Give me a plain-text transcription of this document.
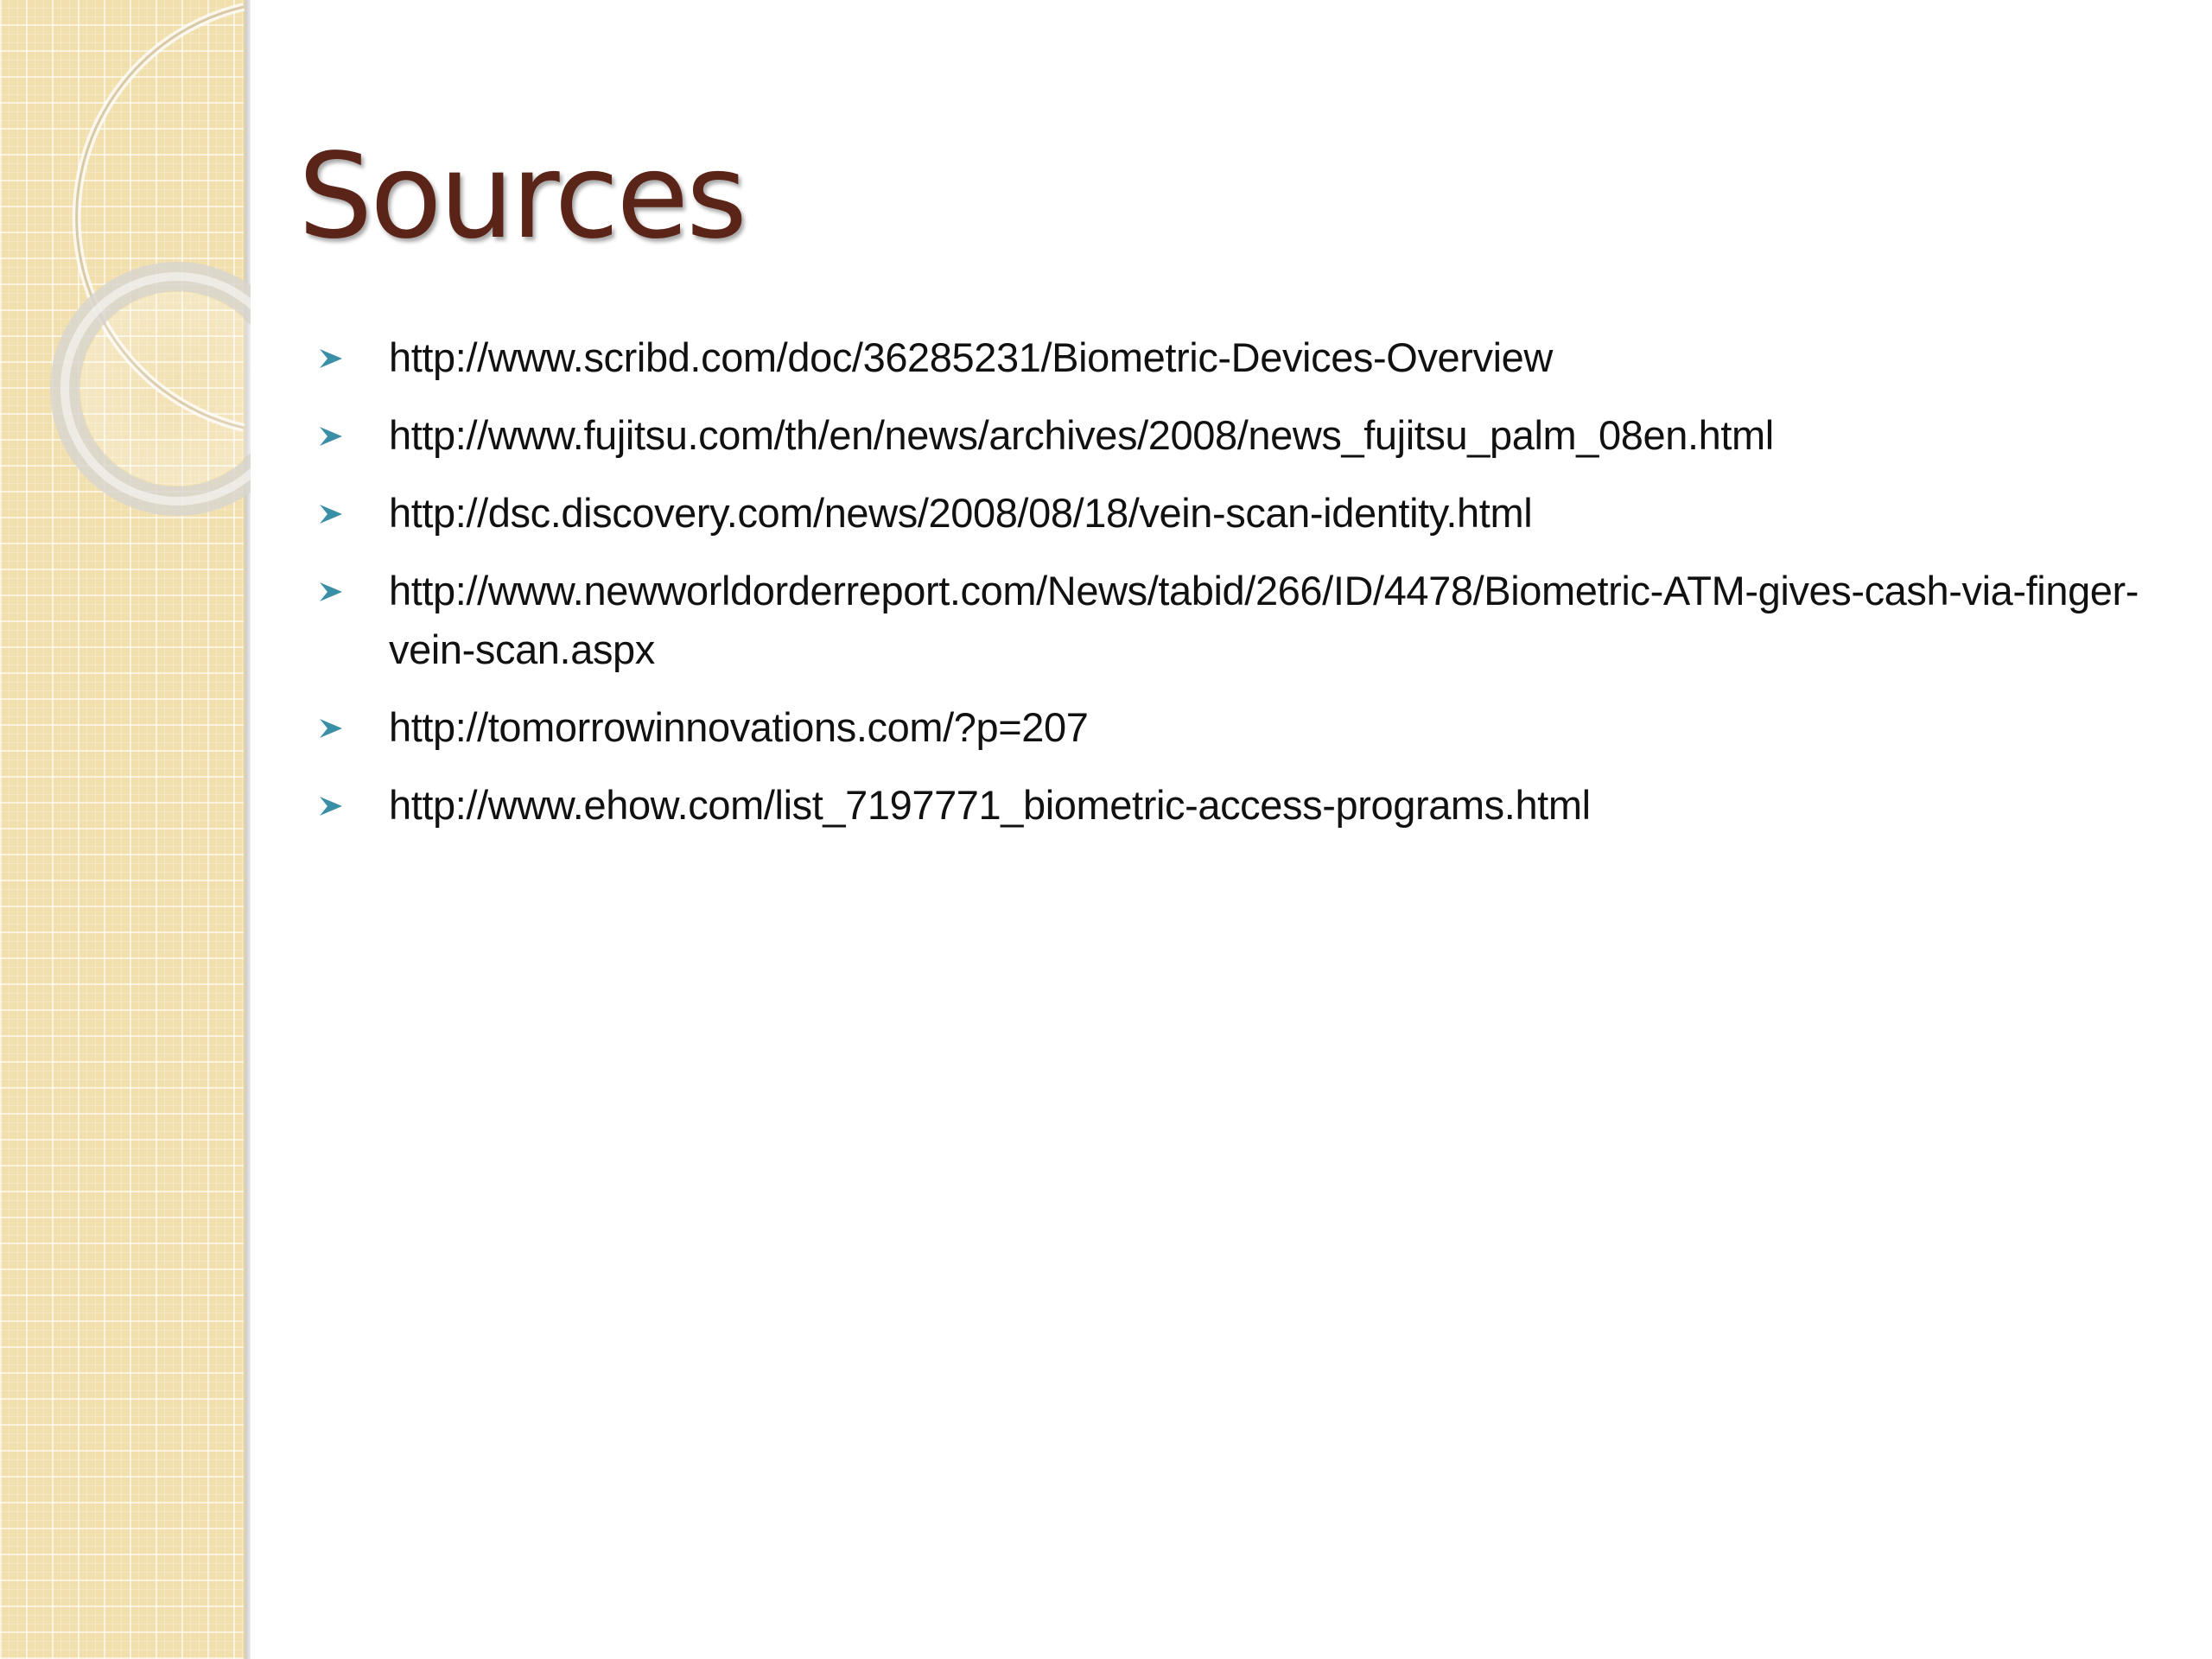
Sources
http://www.scribd.com/doc/36285231/Biometric-Devices-Overview
http://www.fujitsu.com/th/en/news/archives/2008/news_fujitsu_palm_08en.html
http://dsc.discovery.com/news/2008/08/18/vein-scan-identity.html
http://www.newworldorderreport.com/News/tabid/266/ID/4478/Biometric-ATM-gives-cash-via-finger-vein-scan.aspx
http://tomorrowinnovations.com/?p=207
http://www.ehow.com/list_7197771_biometric-access-programs.html
